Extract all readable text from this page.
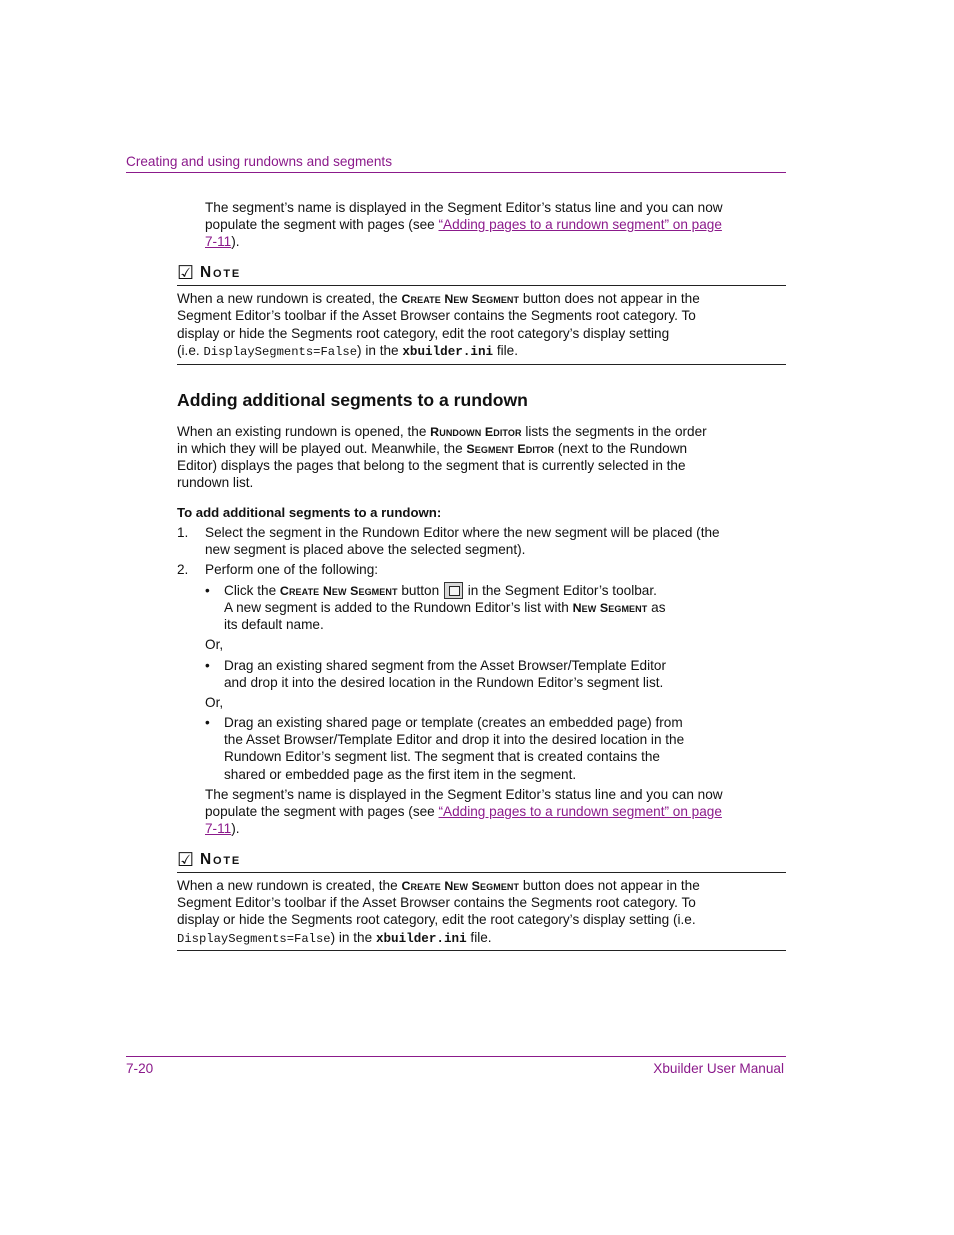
Creating and using rundowns and segments
The segment’s name is displayed in the Segment Editor’s status line and you can now
populate the segment with pages (see “Adding pages to a rundown segment” on page
7-11).
☑ Note
When a new rundown is created, the Create New Segment button does not appear in the
Segment Editor’s toolbar if the Asset Browser contains the Segments root category. To
display or hide the Segments root category, edit the root category’s display setting
(i.e. DisplaySegments=False) in the xbuilder.ini file.
Adding additional segments to a rundown
When an existing rundown is opened, the Rundown Editor lists the segments in the order
in which they will be played out. Meanwhile, the Segment Editor (next to the Rundown
Editor) displays the pages that belong to the segment that is currently selected in the
rundown list.
To add additional segments to a rundown:
1. Select the segment in the Rundown Editor where the new segment will be placed (the
new segment is placed above the selected segment).
2. Perform one of the following:
• Click the Create New Segment button  in the Segment Editor’s toolbar.
A new segment is added to the Rundown Editor’s list with New Segment as
its default name.
Or,
• Drag an existing shared segment from the Asset Browser/Template Editor
and drop it into the desired location in the Rundown Editor’s segment list.
Or,
• Drag an existing shared page or template (creates an embedded page) from
the Asset Browser/Template Editor and drop it into the desired location in the
Rundown Editor’s segment list. The segment that is created contains the
shared or embedded page as the first item in the segment.
The segment’s name is displayed in the Segment Editor’s status line and you can now
populate the segment with pages (see “Adding pages to a rundown segment” on page
7-11).
☑ Note
When a new rundown is created, the Create New Segment button does not appear in the
Segment Editor’s toolbar if the Asset Browser contains the Segments root category. To
display or hide the Segments root category, edit the root category’s display setting (i.e.
DisplaySegments=False) in the xbuilder.ini file.
7-20	Xbuilder User Manual
